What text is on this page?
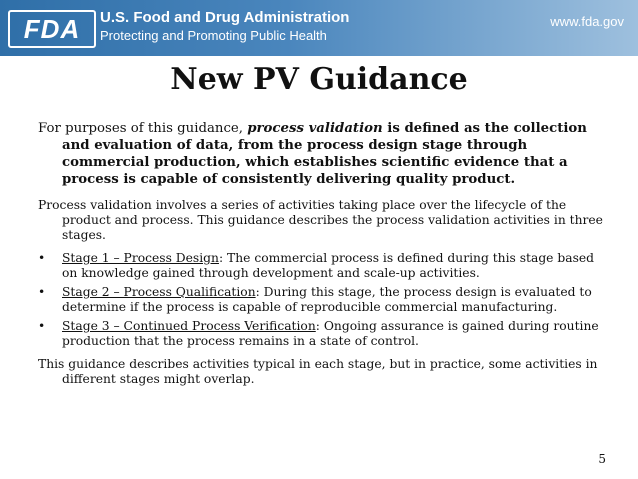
FDA	U.S. Food and Drug Administration
Protecting and Promoting Public Health
www.fda.gov
New PV Guidance

For purposes of this guidance, process validation is defined as the collection and evaluation of data, from the process design stage through commercial production, which establishes scientific evidence that a process is capable of consistently delivering quality product.

Process validation involves a series of activities taking place over the lifecycle of the product and process. This guidance describes the process validation activities in three stages.

• Stage 1 – Process Design: The commercial process is defined during this stage based on knowledge gained through development and scale-up activities.
• Stage 2 – Process Qualification: During this stage, the process design is evaluated to determine if the process is capable of reproducible commercial manufacturing.
• Stage 3 – Continued Process Verification: Ongoing assurance is gained during routine production that the process remains in a state of control.

This guidance describes activities typical in each stage, but in practice, some activities in different stages might overlap.

5
